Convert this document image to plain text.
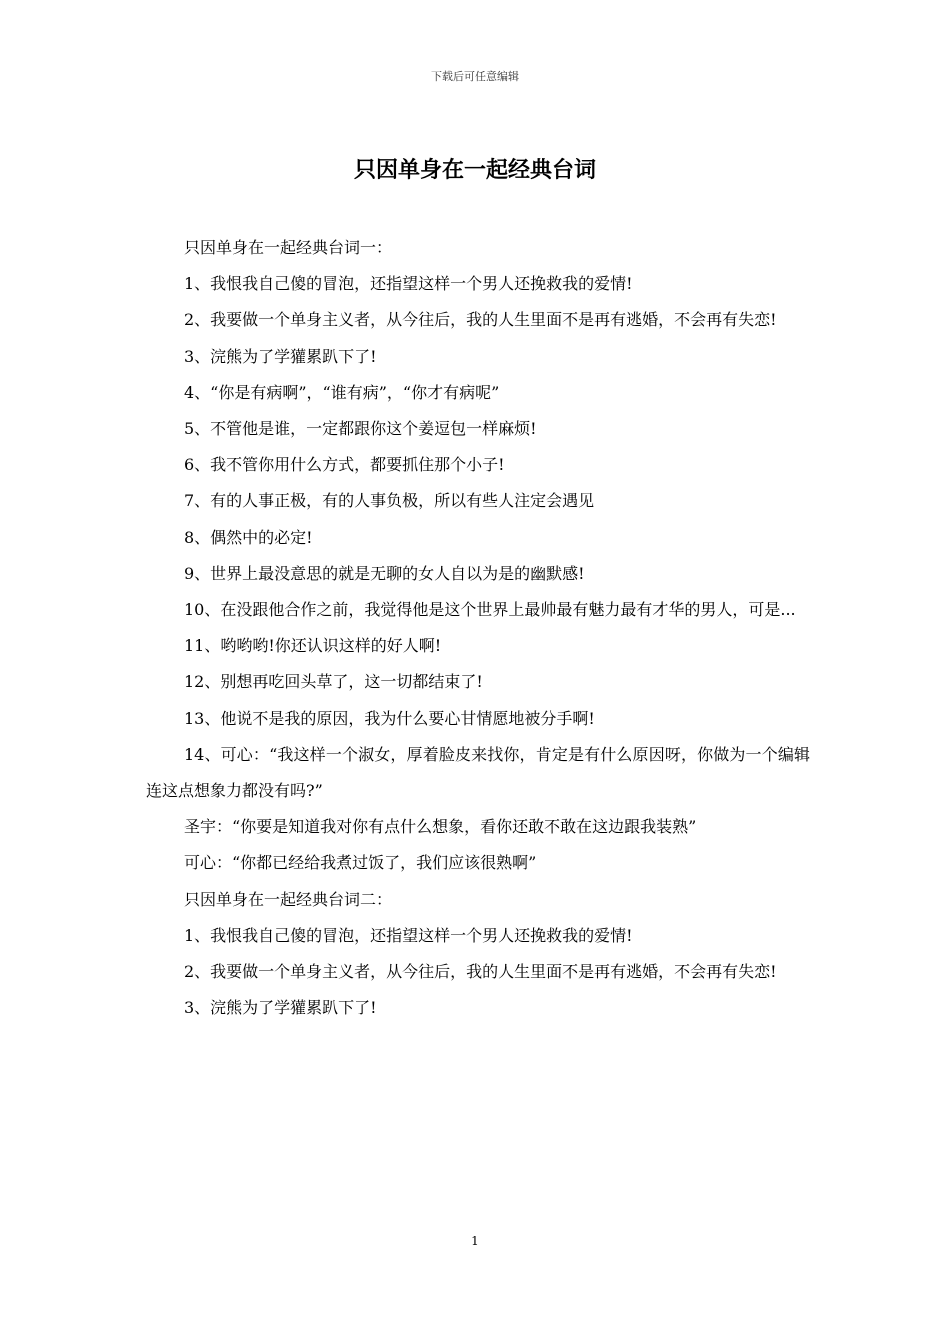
下载后可任意编辑
只因单身在一起经典台词

只因单身在一起经典台词一：

1、我恨我自己傻的冒泡，还指望这样一个男人还挽救我的爱情!

2、我要做一个单身主义者，从今往后，我的人生里面不是再有逃婚，不会再有失恋!

3、浣熊为了学獾累趴下了!

4、“你是有病啊”，“谁有病”，“你才有病呢”

5、不管他是谁，一定都跟你这个姜逗包一样麻烦!

6、我不管你用什么方式，都要抓住那个小子!

7、有的人事正极，有的人事负极，所以有些人注定会遇见

8、偶然中的必定!

9、世界上最没意思的就是无聊的女人自以为是的幽默感!

10、在没跟他合作之前，我觉得他是这个世界上最帅最有魅力最有才华的男人，可是...

11、哟哟哟!你还认识这样的好人啊!

12、别想再吃回头草了，这一切都结束了!

13、他说不是我的原因，我为什么要心甘情愿地被分手啊!

14、可心：“我这样一个淑女，厚着脸皮来找你，肯定是有什么原因呀，你做为一个编辑连这点想象力都没有吗?”

圣宇：“你要是知道我对你有点什么想象，看你还敢不敢在这边跟我装熟”

可心：“你都已经给我煮过饭了，我们应该很熟啊”

只因单身在一起经典台词二：

1、我恨我自己傻的冒泡，还指望这样一个男人还挽救我的爱情!

2、我要做一个单身主义者，从今往后，我的人生里面不是再有逃婚，不会再有失恋!

3、浣熊为了学獾累趴下了!

1
